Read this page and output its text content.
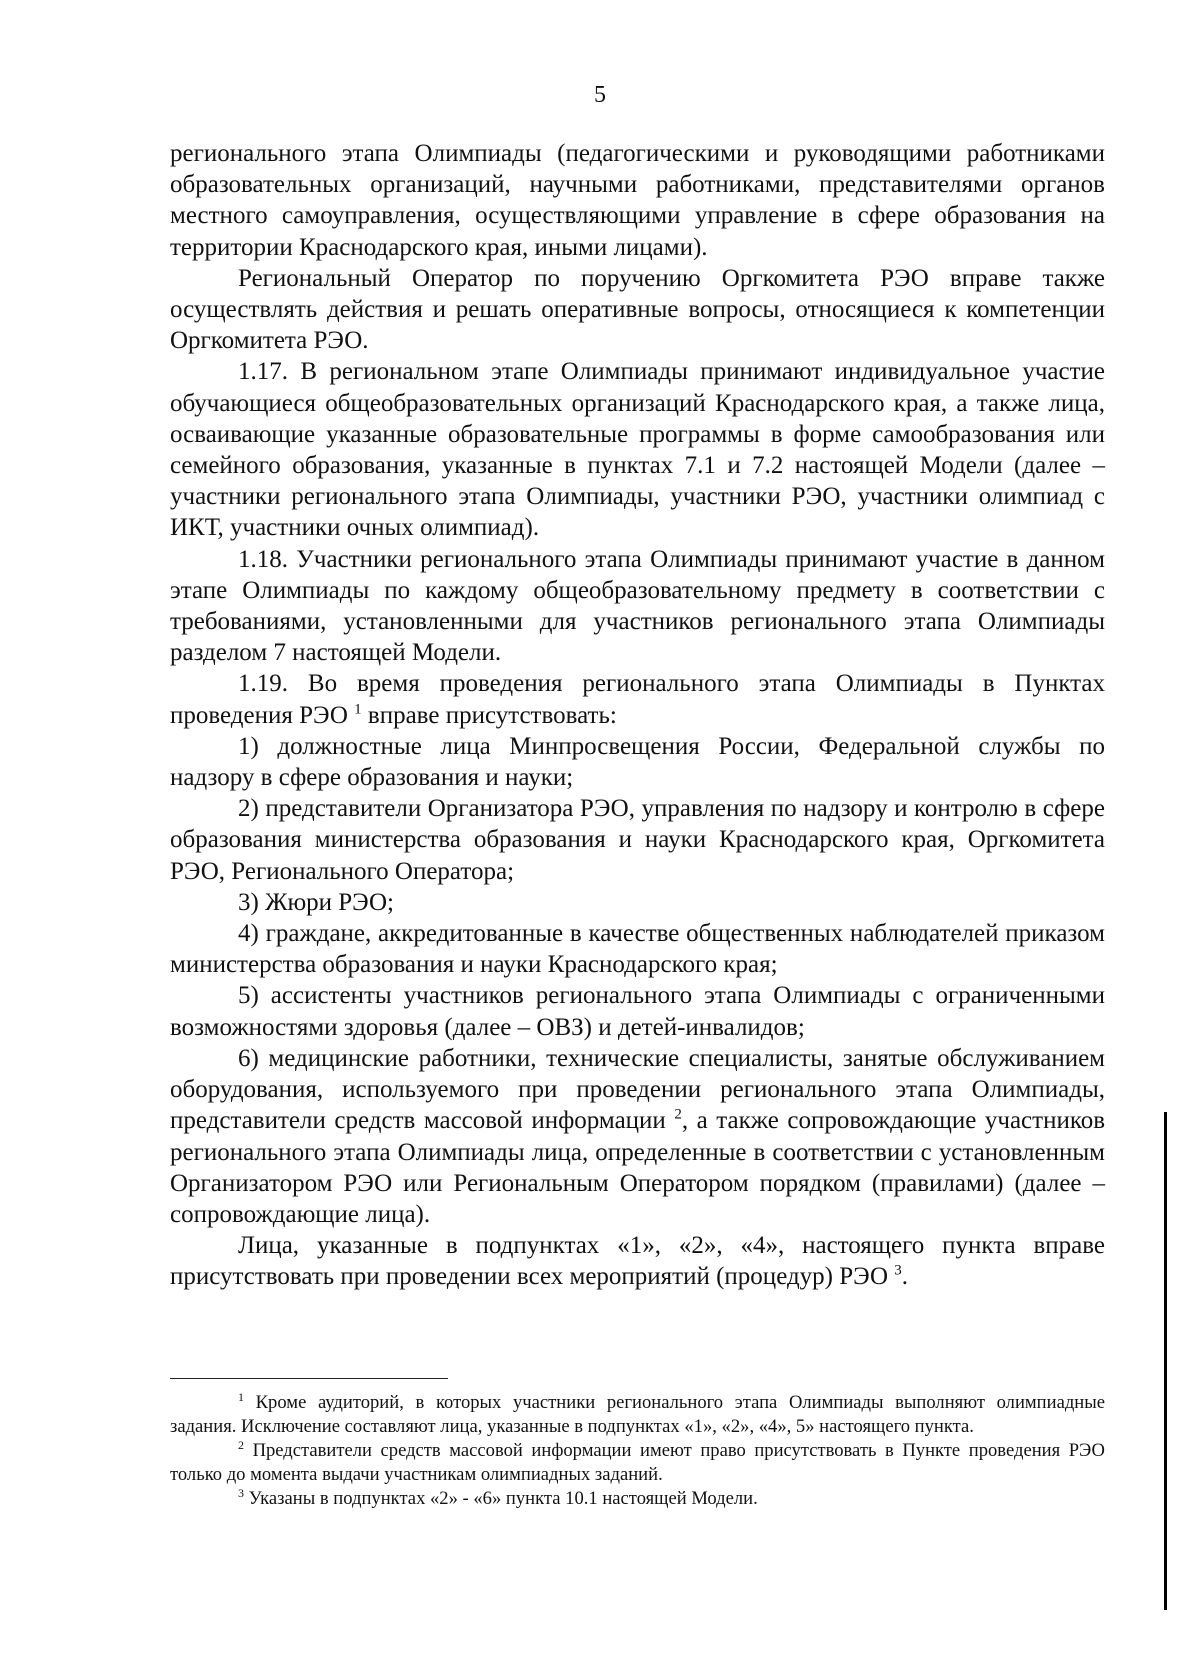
5

регионального этапа Олимпиады (педагогическими и руководящими работниками образовательных организаций, научными работниками, представителями органов местного самоуправления, осуществляющими управление в сфере образования на территории Краснодарского края, иными лицами).

Региональный Оператор по поручению Оргкомитета РЭО вправе также осуществлять действия и решать оперативные вопросы, относящиеся к компетенции Оргкомитета РЭО.

1.17. В региональном этапе Олимпиады принимают индивидуальное участие обучающиеся общеобразовательных организаций Краснодарского края, а также лица, осваивающие указанные образовательные программы в форме самообразования или семейного образования, указанные в пунктах 7.1 и 7.2 настоящей Модели (далее – участники регионального этапа Олимпиады, участники РЭО, участники олимпиад с ИКТ, участники очных олимпиад).

1.18. Участники регионального этапа Олимпиады принимают участие в данном этапе Олимпиады по каждому общеобразовательному предмету в соответствии с требованиями, установленными для участников регионального этапа Олимпиады разделом 7 настоящей Модели.

1.19. Во время проведения регионального этапа Олимпиады в Пунктах проведения РЭО $^1$ вправе присутствовать:

1) должностные лица Минпросвещения России, Федеральной службы по надзору в сфере образования и науки;

2) представители Организатора РЭО, управления по надзору и контролю в сфере образования министерства образования и науки Краснодарского края, Оргкомитета РЭО, Регионального Оператора;

3) Жюри РЭО;

4) граждане, аккредитованные в качестве общественных наблюдателей приказом министерства образования и науки Краснодарского края;

5) ассистенты участников регионального этапа Олимпиады с ограниченными возможностями здоровья (далее – ОВЗ) и детей-инвалидов;

6) медицинские работники, технические специалисты, занятые обслуживанием оборудования, используемого при проведении регионального этапа Олимпиады, представители средств массовой информации $^2$, а также сопровождающие участников регионального этапа Олимпиады лица, определенные в соответствии с установленным Организатором РЭО или Региональным Оператором порядком (правилами) (далее – сопровождающие лица).

Лица, указанные в подпунктах «1», «2», «4», настоящего пункта вправе присутствовать при проведении всех мероприятий (процедур) РЭО $^3$.

$^1$ Кроме аудиторий, в которых участники регионального этапа Олимпиады выполняют олимпиадные задания. Исключение составляют лица, указанные в подпунктах «1», «2», «4», 5» настоящего пункта.

$^2$ Представители средств массовой информации имеют право присутствовать в Пункте проведения РЭО только до момента выдачи участникам олимпиадных заданий.

$^3$ Указаны в подпунктах «2» - «6» пункта 10.1 настоящей Модели.
